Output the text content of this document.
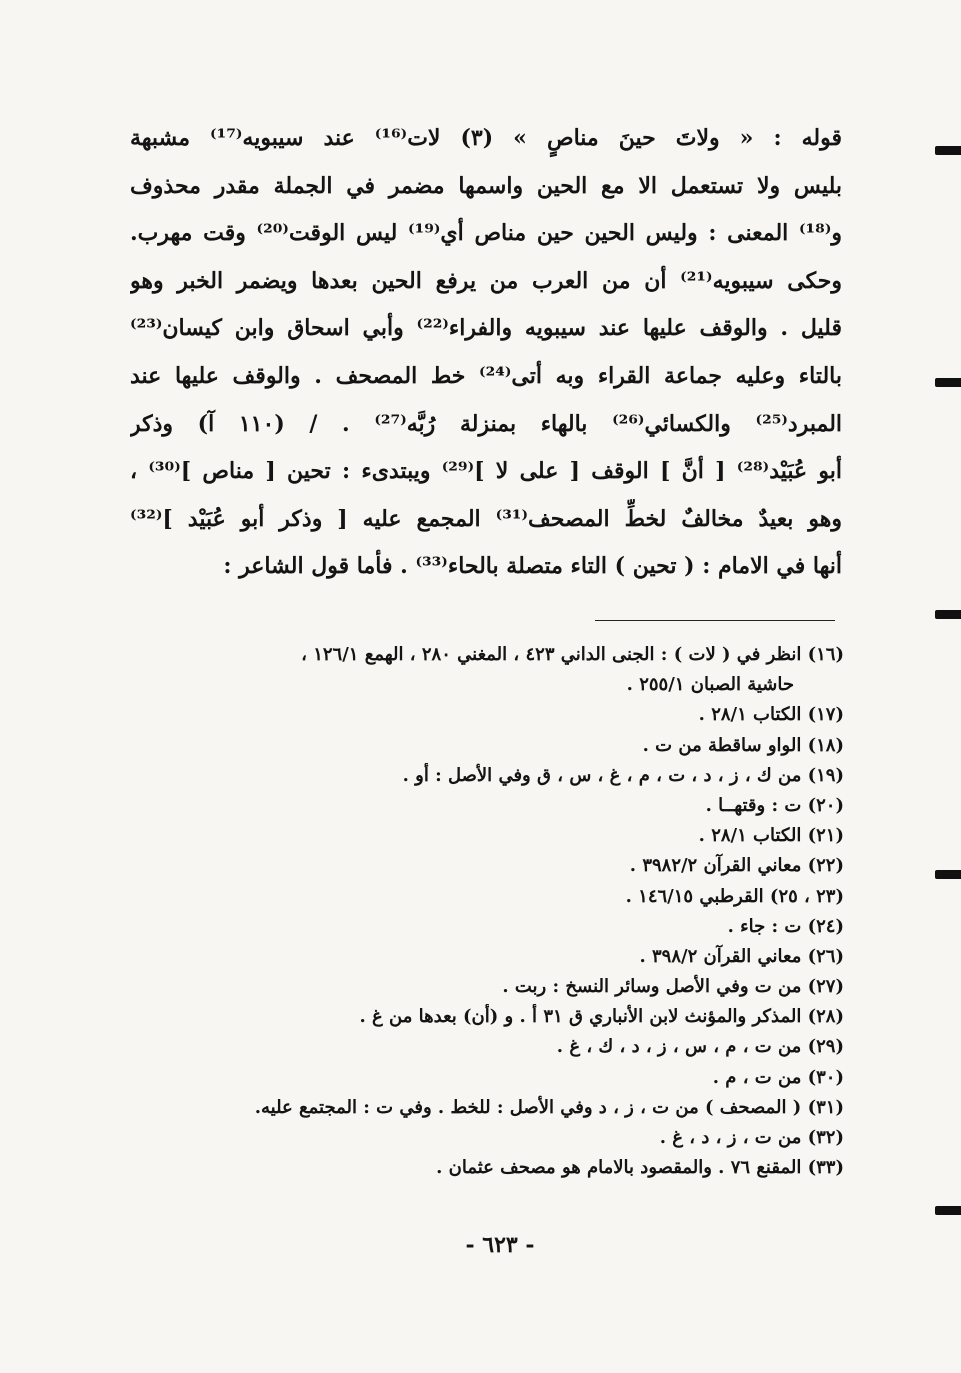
قوله : « ولاتَ حينَ مناصٍ » (٣) لات⁽¹⁶⁾ عند سيبويه⁽¹⁷⁾ مشبهة
بليس ولا تستعمل الا مع الحين واسمها مضمر في الجملة مقدر محذوف
و⁽¹⁸⁾ المعنى : وليس الحين حين مناص أي⁽¹⁹⁾ ليس الوقت⁽²⁰⁾ وقت مهرب.
وحكى سيبويه⁽²¹⁾ أن من العرب من يرفع الحين بعدها ويضمر الخبر وهو
قليل . والوقف عليها عند سيبويه والفراء⁽²²⁾ وأبي اسحاق وابن كيسان⁽²³⁾
بالتاء وعليه جماعة القراء وبه أتى⁽²⁴⁾ خط المصحف . والوقف عليها عند
المبرد⁽²⁵⁾ والكسائي⁽²⁶⁾ بالهاء بمنزلة رُبَّه⁽²⁷⁾ . / (١١٠ آ) وذكر
أبو عُبَيْد⁽²⁸⁾ [ أنَّ ] الوقف [ على لا ]⁽²⁹⁾ ويبتدىء : تحين [ مناص ]⁽³⁰⁾ ،
وهو بعيدٌ مخالفٌ لخطِّ المصحف⁽³¹⁾ المجمع عليه [ وذكر أبو عُبَيْد ]⁽³²⁾
أنها في الامام : ( تحين ) التاء متصلة بالحاء⁽³³⁾ . فأما قول الشاعر :
(١٦) انظر في ( لات ) : الجنى الداني ٤٢٣ ، المغني ٢٨٠ ، الهمع ١٢٦/١ ،
حاشية الصبان ٢٥٥/١ .
(١٧) الكتاب ٢٨/١ .
(١٨) الواو ساقطة من ت .
(١٩) من ك ، ز ، د ، ت ، م ، غ ، س ، ق وفي الأصل : أو .
(٢٠) ت : وقتهــا .
(٢١) الكتاب ٢٨/١ .
(٢٢) معاني القرآن ٣٩٨٢/٢ .
(٢٣ ، ٢٥) القرطبي ١٤٦/١٥ .
(٢٤) ت : جاء .
(٢٦) معاني القرآن ٣٩٨/٢ .
(٢٧) من ت وفي الأصل وسائر النسخ : ربت .
(٢٨) المذكر والمؤنث لابن الأنباري ق ٣١ أ . و (أن) بعدها من غ .
(٢٩) من ت ، م ، س ، ز ، د ، ك ، غ .
(٣٠) من ت ، م .
(٣١) ( المصحف ) من ت ، ز ، د وفي الأصل : للخط . وفي ت : المجتمع عليه.
(٣٢) من ت ، ز ، د ، غ .
(٣٣) المقنع ٧٦ . والمقصود بالامام هو مصحف عثمان .
- ٦٢٣ -
